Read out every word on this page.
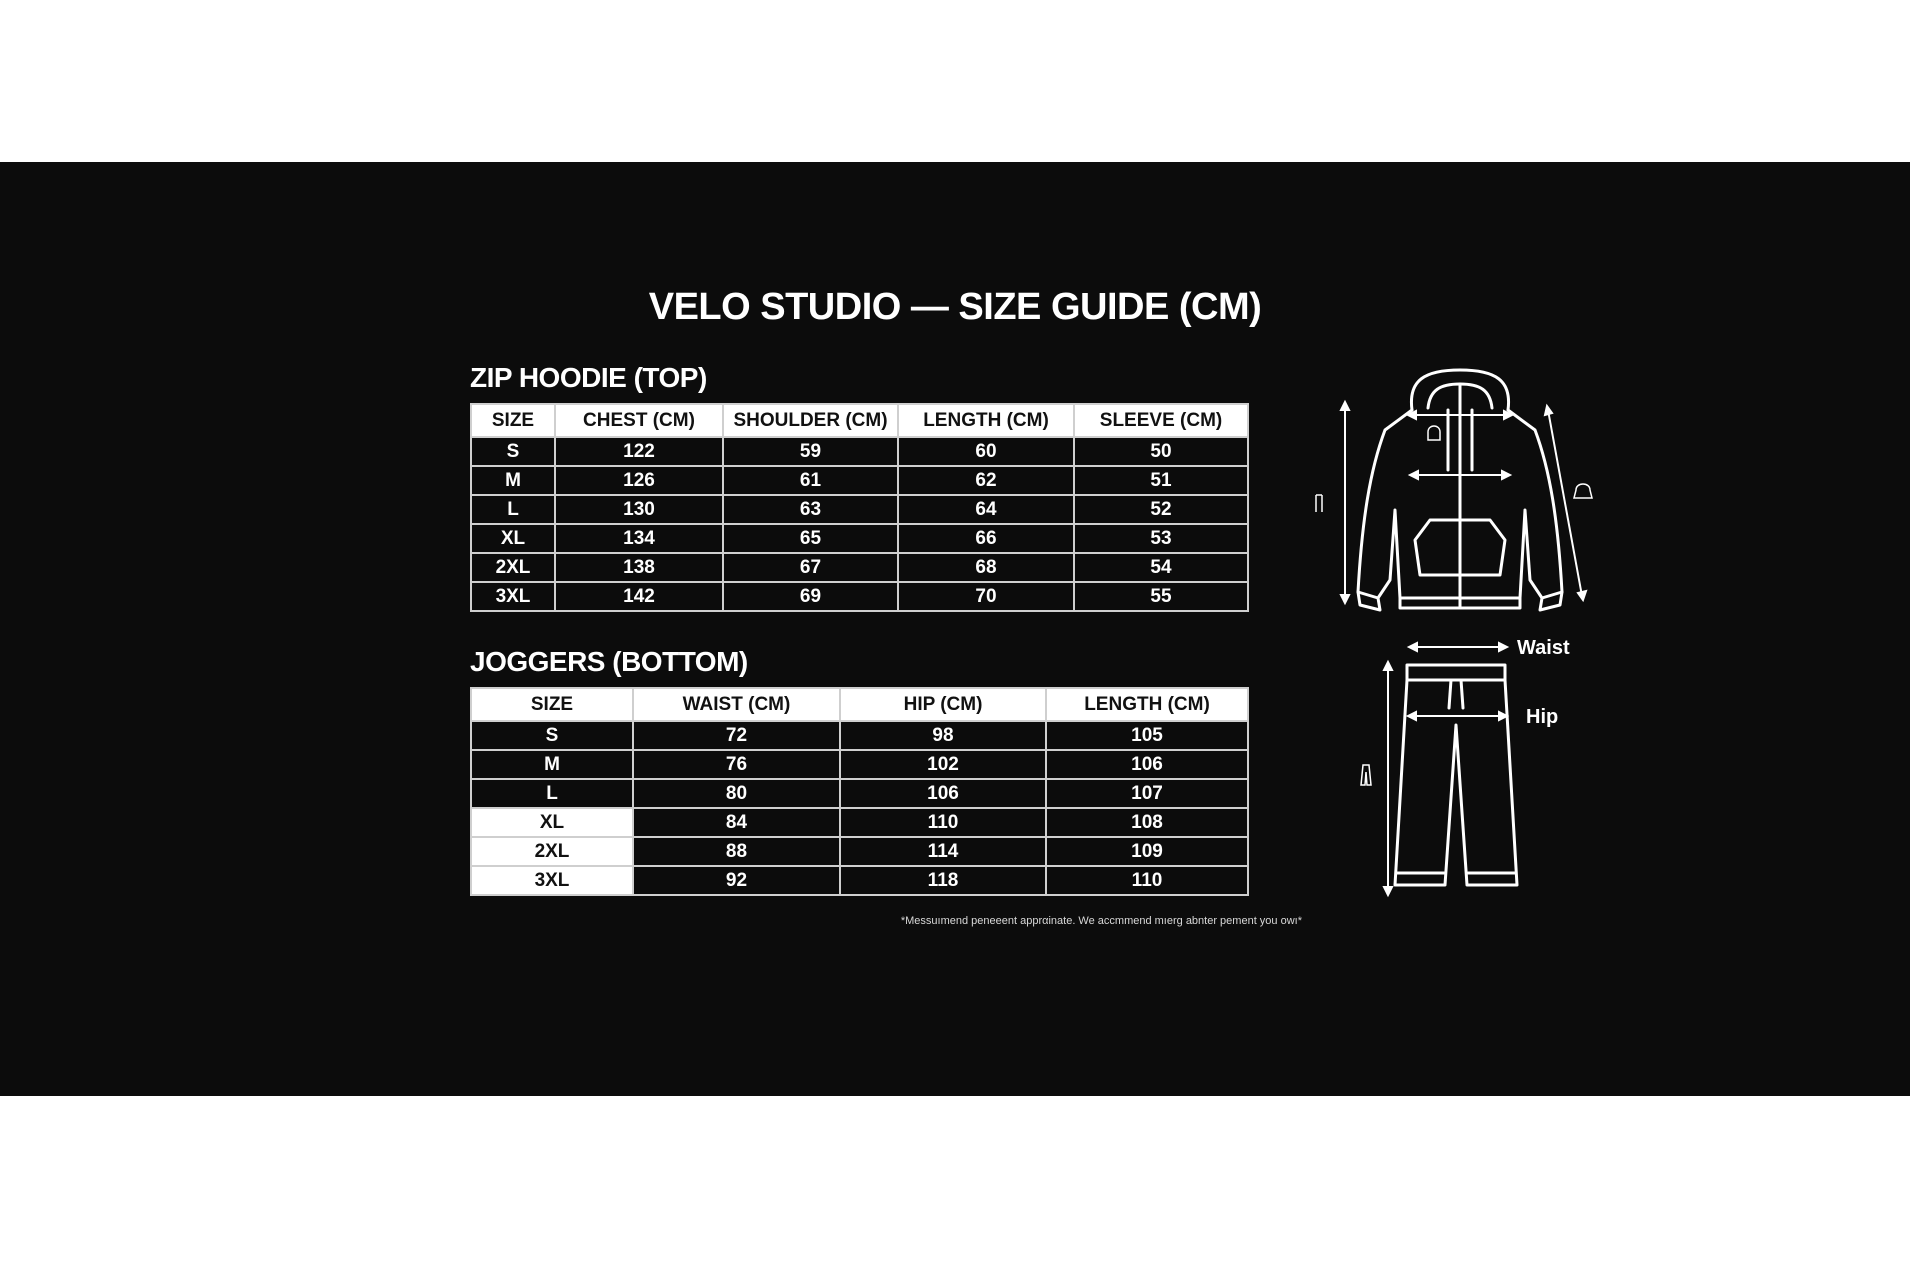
VELO STUDIO — SIZE GUIDE (CM)
ZIP HOODIE (TOP)
SIZE	CHEST (CM)	SHOULDER (CM)	LENGTH (CM)	SLEEVE (CM)
S	122	59	60	50
M	126	61	62	51
L	130	63	64	52
XL	134	65	66	53
2XL	138	67	68	54
3XL	142	69	70	55
JOGGERS (BOTTOM)
SIZE	WAIST (CM)	HIP (CM)	LENGTH (CM)
S	72	98	105
M	76	102	106
L	80	106	107
XL	84	110	108
2XL	88	114	109
3XL	92	118	110
*Messuımend peneeent apprαinate. We accmmend mıerg abnter pement you owı*
Waist
Hip
